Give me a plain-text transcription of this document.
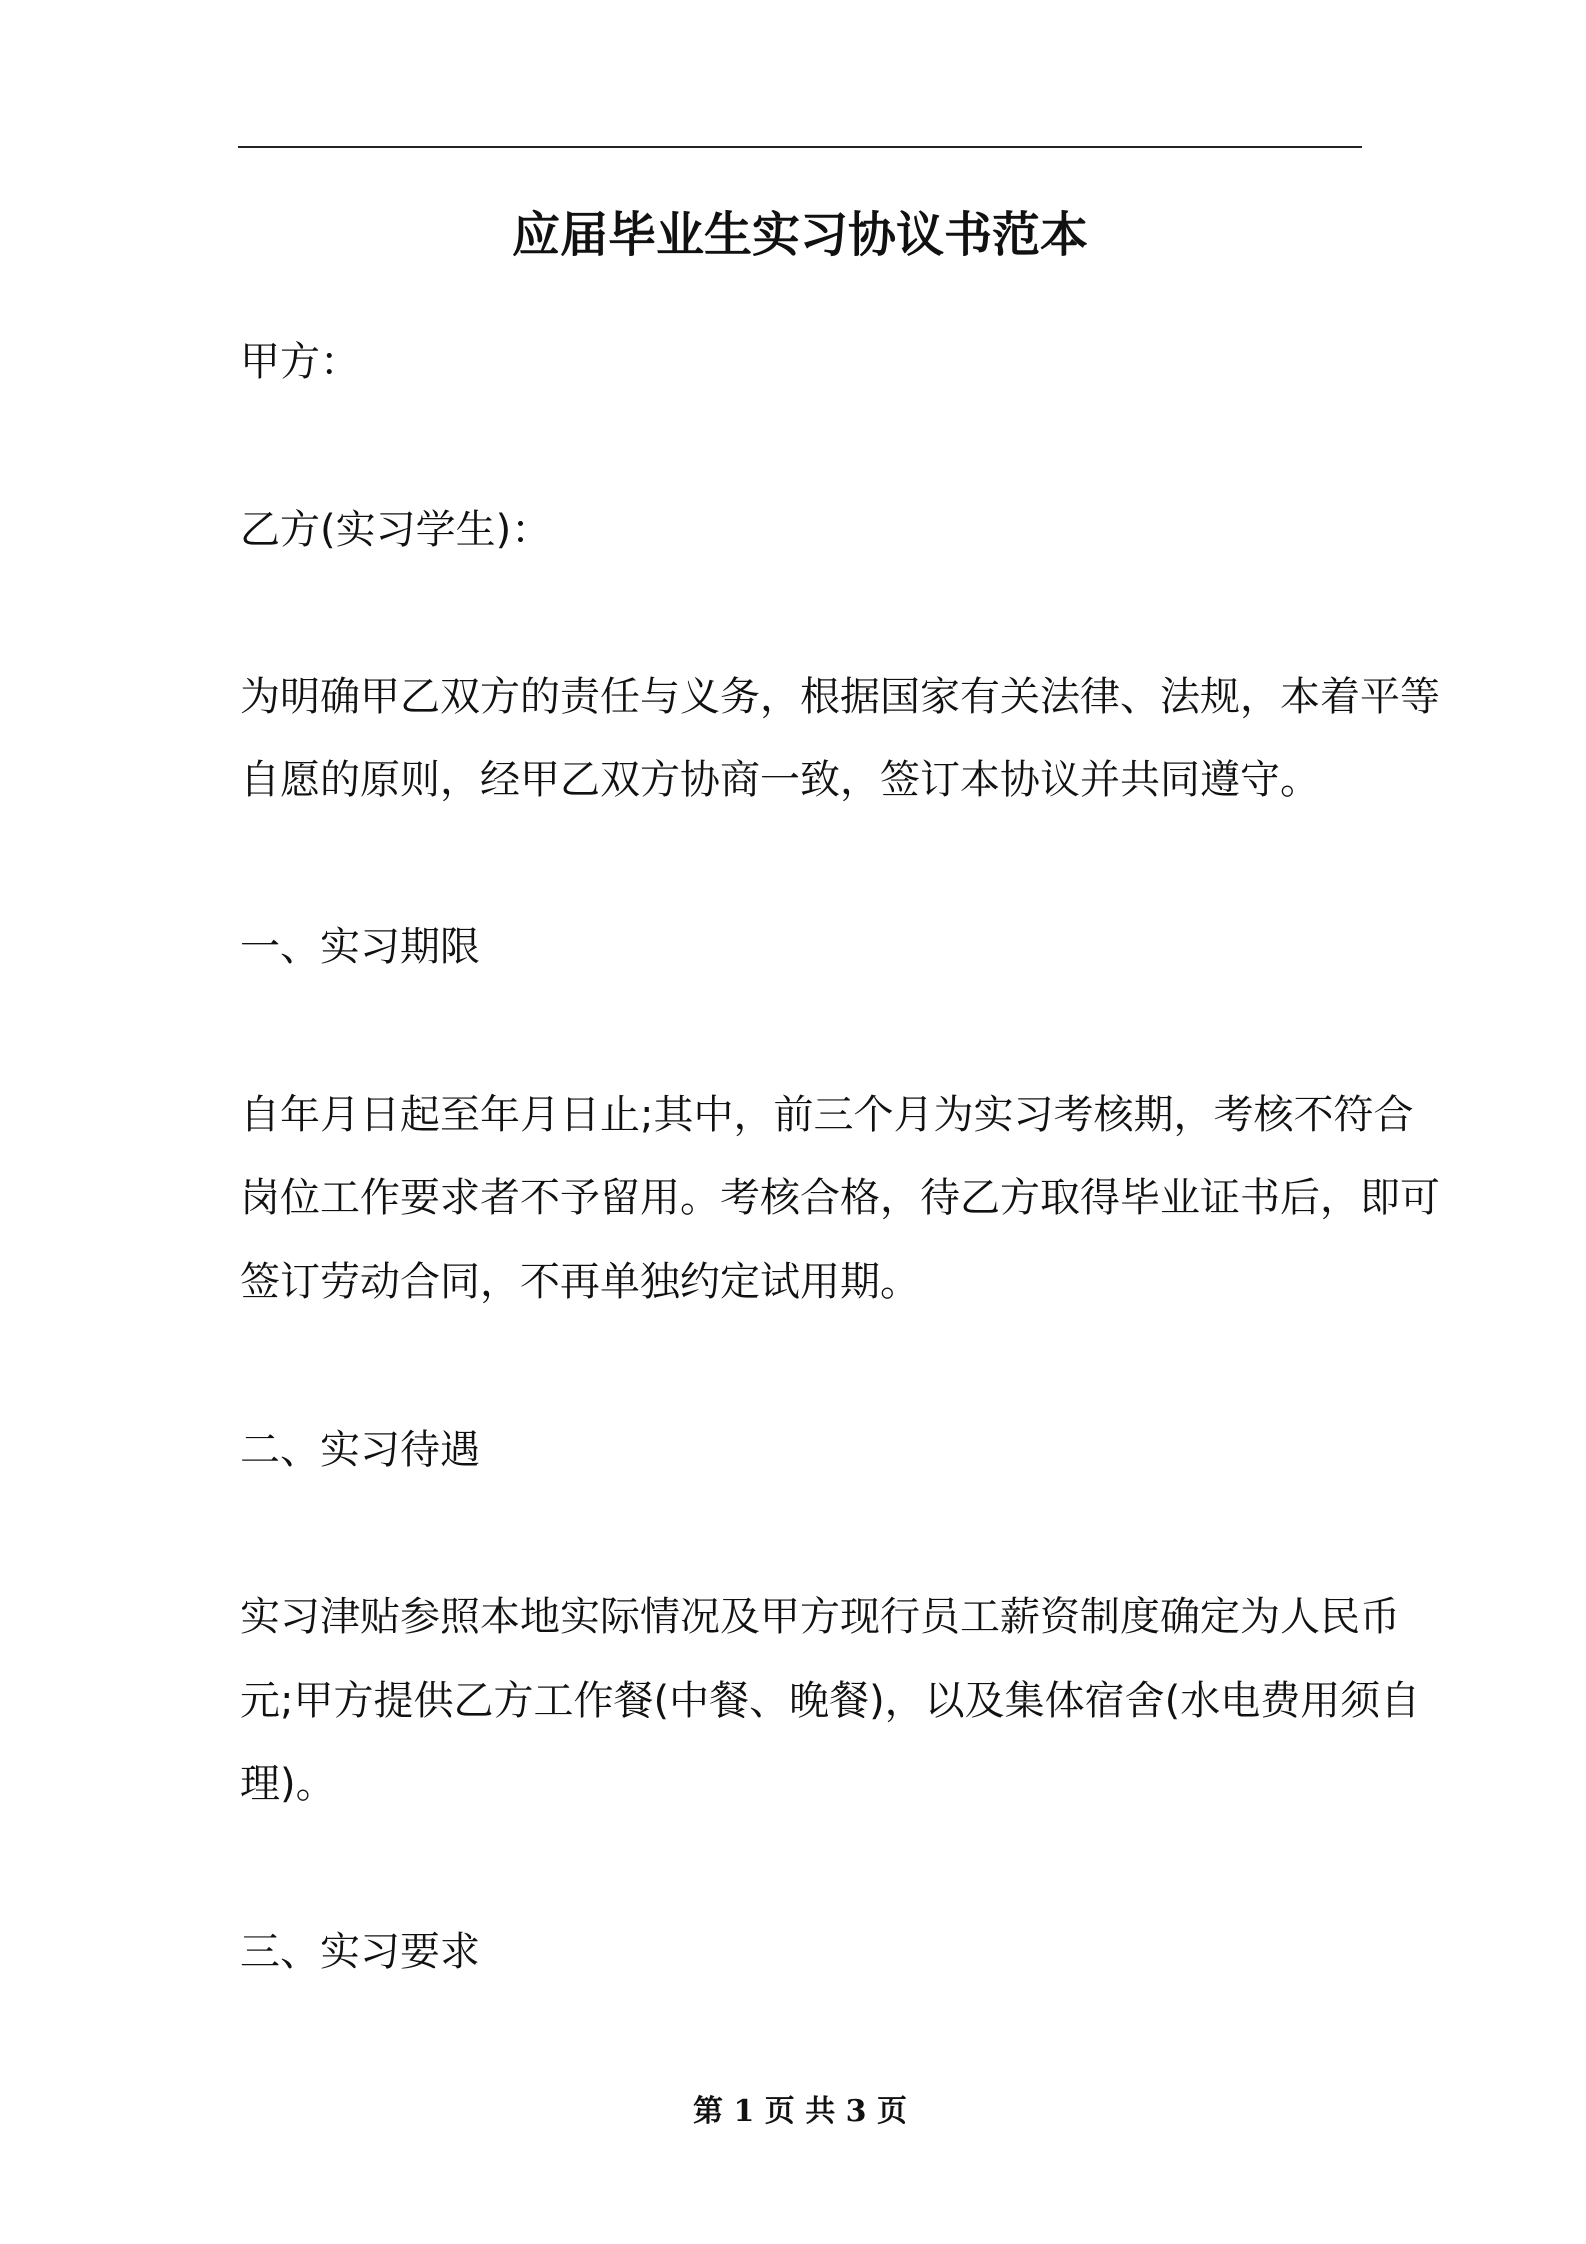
应届毕业生实习协议书范本
甲方：
乙方(实习学生)：
为明确甲乙双方的责任与义务，根据国家有关法律、法规，本着平等
自愿的原则，经甲乙双方协商一致，签订本协议并共同遵守。
一、实习期限
自年月日起至年月日止;其中，前三个月为实习考核期，考核不符合
岗位工作要求者不予留用。考核合格，待乙方取得毕业证书后，即可
签订劳动合同，不再单独约定试用期。
二、实习待遇
实习津贴参照本地实际情况及甲方现行员工薪资制度确定为人民币
元;甲方提供乙方工作餐(中餐、晚餐)，以及集体宿舍(水电费用须自
理)。
三、实习要求
第 1 页 共 3 页
